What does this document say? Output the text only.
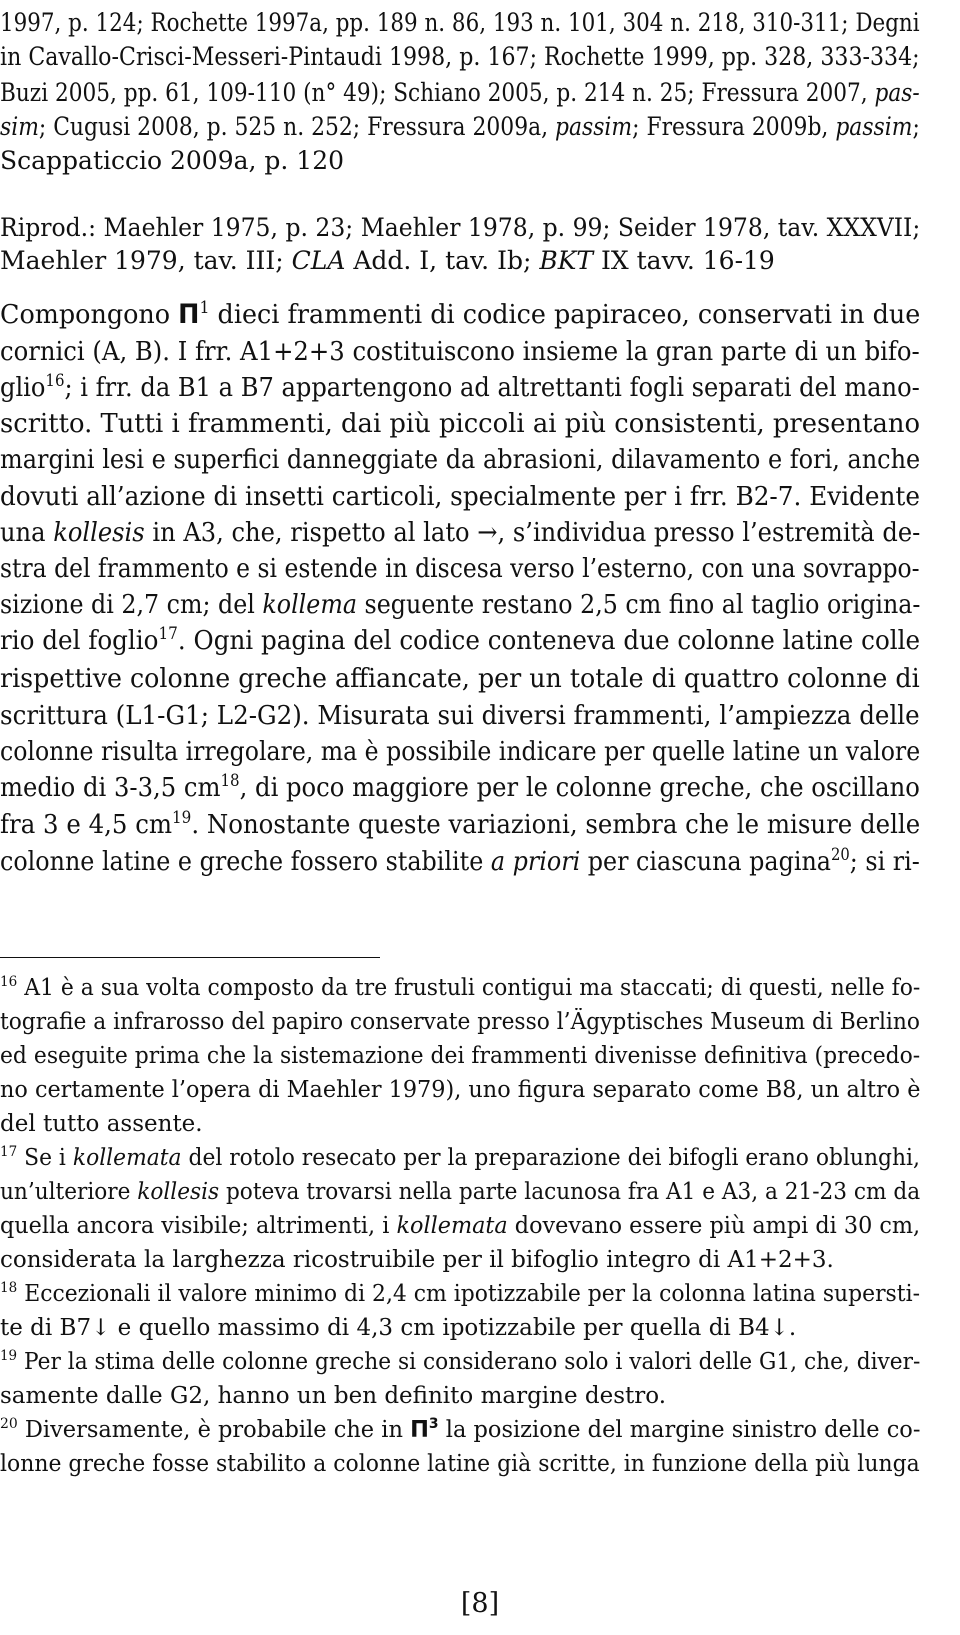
1997, p. 124; Rochette 1997a, pp. 189 n. 86, 193 n. 101, 304 n. 218, 310-311; Degni
in Cavallo-Crisci-Messeri-Pintaudi 1998, p. 167; Rochette 1999, pp. 328, 333-334;
Buzi 2005, pp. 61, 109-110 (n° 49); Schiano 2005, p. 214 n. 25; Fressura 2007, pas-
sim; Cugusi 2008, p. 525 n. 252; Fressura 2009a, passim; Fressura 2009b, passim;
Scappaticcio 2009a, p. 120
Riprod.: Maehler 1975, p. 23; Maehler 1978, p. 99; Seider 1978, tav. XXXVII;
Maehler 1979, tav. III; CLA Add. I, tav. Ib; BKT IX tavv. 16-19
Compongono $\Pi^1$ dieci frammenti di codice papiraceo, conservati in due
cornici (A, B). I frr. A1+2+3 costituiscono insieme la gran parte di un bifo-
glio$^{16}$; i frr. da B1 a B7 appartengono ad altrettanti fogli separati del mano-
scritto. Tutti i frammenti, dai più piccoli ai più consistenti, presentano
margini lesi e superfici danneggiate da abrasioni, dilavamento e fori, anche
dovuti all’azione di insetti carticoli, specialmente per i frr. B2-7. Evidente
una kollesis in A3, che, rispetto al lato →, s’individua presso l’estremità de-
stra del frammento e si estende in discesa verso l’esterno, con una sovrappo-
sizione di 2,7 cm; del kollema seguente restano 2,5 cm fino al taglio origina-
rio del foglio$^{17}$. Ogni pagina del codice conteneva due colonne latine colle
rispettive colonne greche affiancate, per un totale di quattro colonne di
scrittura (L1-G1; L2-G2). Misurata sui diversi frammenti, l’ampiezza delle
colonne risulta irregolare, ma è possibile indicare per quelle latine un valore
medio di 3-3,5 $cm^{18}$, di poco maggiore per le colonne greche, che oscillano
fra 3 e 4,5 $cm^{19}$. Nonostante queste variazioni, sembra che le misure delle
colonne latine e greche fossero stabilite a priori per ciascuna pagina$^{20}$; si ri-
$^{16}$ A1 è a sua volta composto da tre frustuli contigui ma staccati; di questi, nelle fo-
tografie a infrarosso del papiro conservate presso l’Ägyptisches Museum di Berlino
ed eseguite prima che la sistemazione dei frammenti divenisse definitiva (precedo-
no certamente l’opera di Maehler 1979), uno figura separato come B8, un altro è
del tutto assente.
$^{17}$ Se i kollemata del rotolo resecato per la preparazione dei bifogli erano oblunghi,
un’ulteriore kollesis poteva trovarsi nella parte lacunosa fra A1 e A3, a 21-23 cm da
quella ancora visibile; altrimenti, i kollemata dovevano essere più ampi di 30 cm,
considerata la larghezza ricostruibile per il bifoglio integro di A1+2+3.
$^{18}$ Eccezionali il valore minimo di 2,4 cm ipotizzabile per la colonna latina supersti-
te di B7↓ e quello massimo di 4,3 cm ipotizzabile per quella di B4↓.
$^{19}$ Per la stima delle colonne greche si considerano solo i valori delle G1, che, diver-
samente dalle G2, hanno un ben definito margine destro.
$^{20}$ Diversamente, è probabile che in $\Pi^3$ la posizione del margine sinistro delle co-
lonne greche fosse stabilito a colonne latine già scritte, in funzione della più lunga
[8]
